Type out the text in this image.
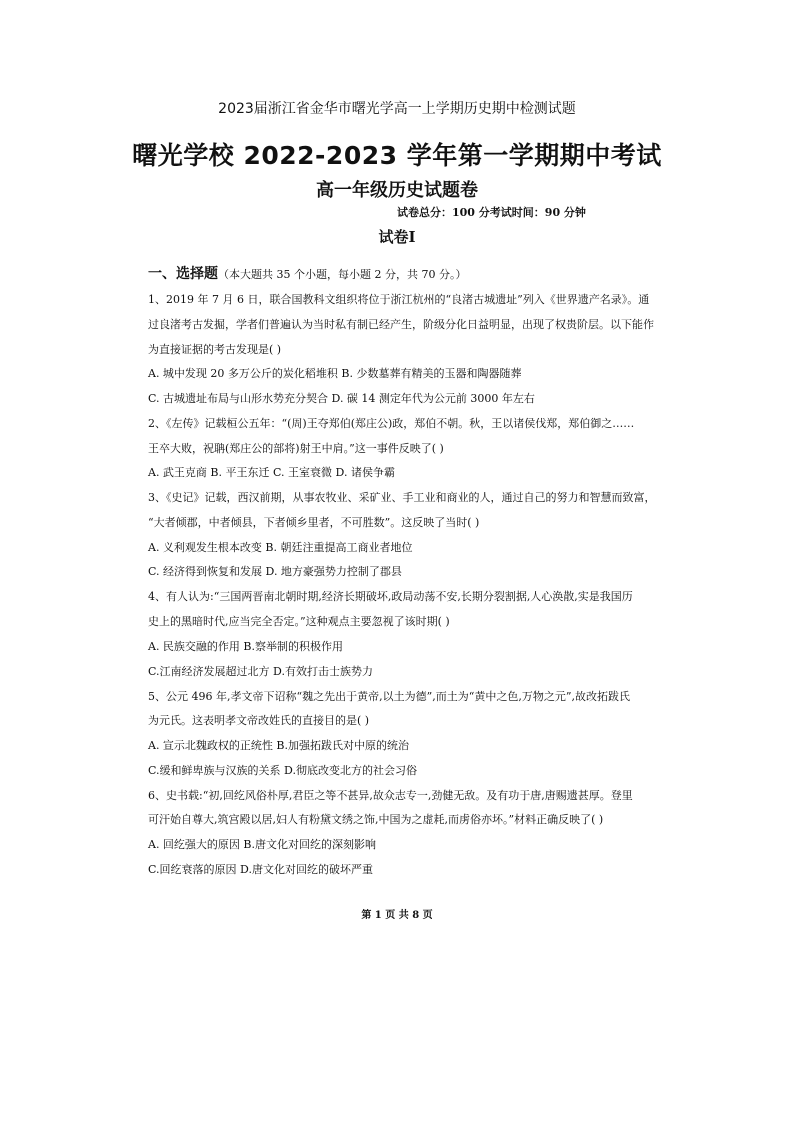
2023届浙江省金华市曙光学高一上学期历史期中检测试题
曙光学校 2022-2023 学年第一学期期中考试
高一年级历史试题卷
试卷总分：100 分考试时间：90 分钟
试卷Ⅰ
一、选择题（本大题共 35 个小题，每小题 2 分，共 70 分。）
1、2019 年 7 月 6 日，联合国教科文组织将位于浙江杭州的“良渚古城遗址”列入《世界遗产名录》。通
过良渚考古发掘，学者们普遍认为当时私有制已经产生，阶级分化日益明显，出现了权贵阶层。以下能作
为直接证据的考古发现是( )
A. 城中发现 20 多万公斤的炭化稻堆积 B. 少数墓葬有精美的玉器和陶器随葬
C. 古城遗址布局与山形水势充分契合 D. 碳 14 测定年代为公元前 3000 年左右
2、《左传》记载桓公五年：“(周)王夺郑伯(郑庄公)政，郑伯不朝。秋，王以诸侯伐郑，郑伯御之……
王卒大败，祝聃(郑庄公的部将)射王中肩。”这一事件反映了( )
A. 武王克商 B. 平王东迁 C. 王室衰微 D. 诸侯争霸
3、《史记》记载，西汉前期，从事农牧业、采矿业、手工业和商业的人，通过自己的努力和智慧而致富，
“大者倾郡，中者倾县，下者倾乡里者，不可胜数”。这反映了当时( )
A. 义利观发生根本改变 B. 朝廷注重提高工商业者地位
C. 经济得到恢复和发展 D. 地方豪强势力控制了郡县
4、有人认为:“三国两晋南北朝时期,经济长期破坏,政局动荡不安,长期分裂割据,人心涣散,实是我国历
史上的黑暗时代,应当完全否定。”这种观点主要忽视了该时期( )
A. 民族交融的作用 B.察举制的积极作用
C.江南经济发展超过北方 D.有效打击士族势力
5、公元 496 年,孝文帝下诏称“魏之先出于黄帝,以土为德”,而土为“黄中之色,万物之元”,故改拓跋氏
为元氏。这表明孝文帝改姓氏的直接目的是( )
A. 宣示北魏政权的正统性 B.加强拓跋氏对中原的统治
C.缓和鲜卑族与汉族的关系 D.彻底改变北方的社会习俗
6、史书载:“初,回纥风俗朴厚,君臣之等不甚异,故众志专一,劲健无敌。及有功于唐,唐赐遗甚厚。登里
可汗始自尊大,筑宫殿以居,妇人有粉黛文绣之饰,中国为之虚耗,而虏俗亦坏。”材料正确反映了( )
A. 回纥强大的原因 B.唐文化对回纥的深刻影响
C.回纥衰落的原因 D.唐文化对回纥的破坏严重
第 1 页 共 8 页
